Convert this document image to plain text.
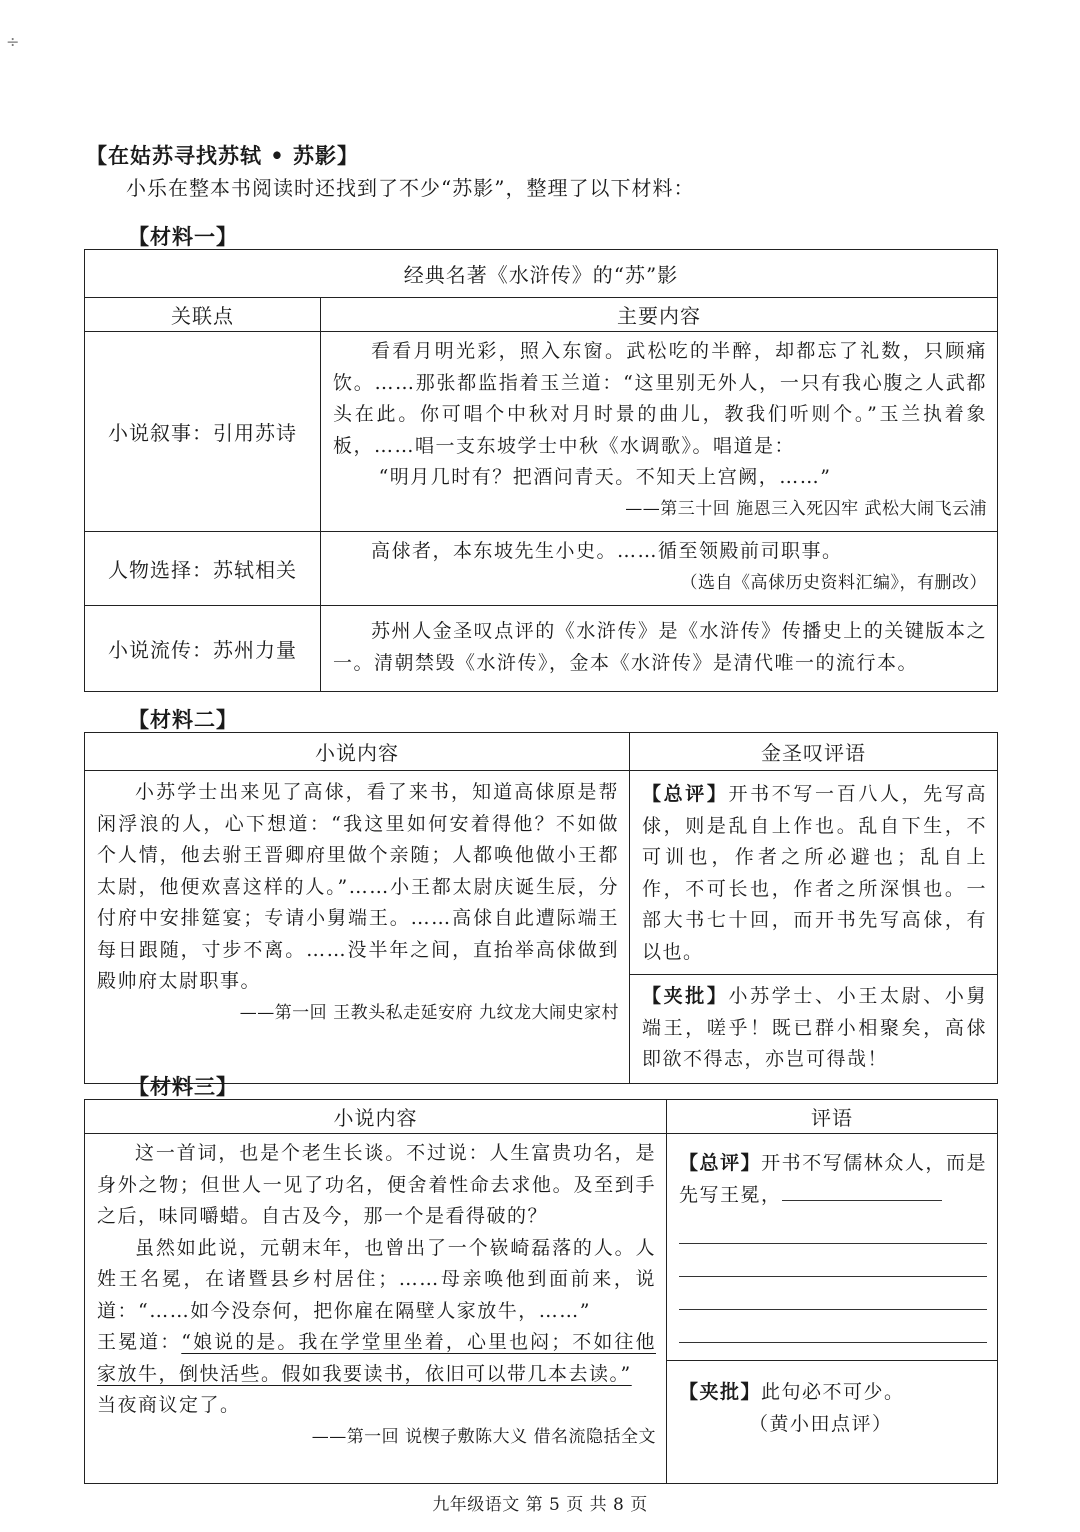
÷
【在姑苏寻找苏轼 • 苏影】
小乐在整本书阅读时还找到了不少“苏影”，整理了以下材料：
【材料一】
经典名著《水浒传》的“苏”影	
关联点	主要内容
小说叙事：引用苏诗	看看月明光彩，照入东窗。武松吃的半醉，却都忘了礼数，只顾痛饮。……那张都监指着玉兰道：“这里别无外人，一只有我心腹之人武都头在此。你可唱个中秋对月时景的曲儿，教我们听则个。”玉兰执着象板，……唱一支东坡学士中秋《水调歌》。唱道是：

“明月几时有？把酒问青天。不知天上宫阙，……”

——第三十回 施恩三入死囚牢 武松大闹飞云浦

人物选择：苏轼相关	高俅者，本东坡先生小史。……循至领殿前司职事。

（选自《高俅历史资料汇编》，有删改）

小说流传：苏州力量	苏州人金圣叹点评的《水浒传》是《水浒传》传播史上的关键版本之一。清朝禁毁《水浒传》，金本《水浒传》是清代唯一的流行本。

【材料二】
小说内容	金圣叹评语

小苏学士出来见了高俅，看了来书，知道高俅原是帮闲浮浪的人，心下想道：“我这里如何安着得他？不如做个人情，他去驸王晋卿府里做个亲随；人都唤他做小王都太尉，他便欢喜这样的人。”……小王都太尉庆诞生辰，分付府中安排筵宴；专请小舅端王。……高俅自此遭际端王每日跟随，寸步不离。……没半年之间，直抬举高俅做到殿帅府太尉职事。

——第一回 王教头私走延安府 九纹龙大闹史家村	【总评】开书不写一百八人，先写高俅，则是乱自上作也。乱自下生，不可训也，作者之所必避也；乱自上作，不可长也，作者之所深惧也。一部大书七十回，而开书先写高俅，有以也。

	【夹批】小苏学士、小王太尉、小舅端王，嗟乎！既已群小相聚矣，高俅即欲不得志，亦岂可得哉！

【材料三】
小说内容	评语

这一首词，也是个老生长谈。不过说：人生富贵功名，是身外之物；但世人一见了功名，便舍着性命去求他。及至到手之后，味同嚼蜡。自古及今，那一个是看得破的？

虽然如此说，元朝末年，也曾出了一个嵚崎磊落的人。人姓王名冕，在诸暨县乡村居住；……母亲唤他到面前来，说道：“……如今没奈何，把你雇在隔壁人家放牛，……”

王冕道：“娘说的是。我在学堂里坐着，心里也闷；不如往他家放牛，倒快活些。假如我要读书，依旧可以带几本去读。”

当夜商议定了。

——第一回 说楔子敷陈大义 借名流隐括全文	【总评】开书不写儒林众人，而是先写王冕，

	【夹批】此句必不可少。

（黄小田点评）

九年级语文 第 5 页 共 8 页
